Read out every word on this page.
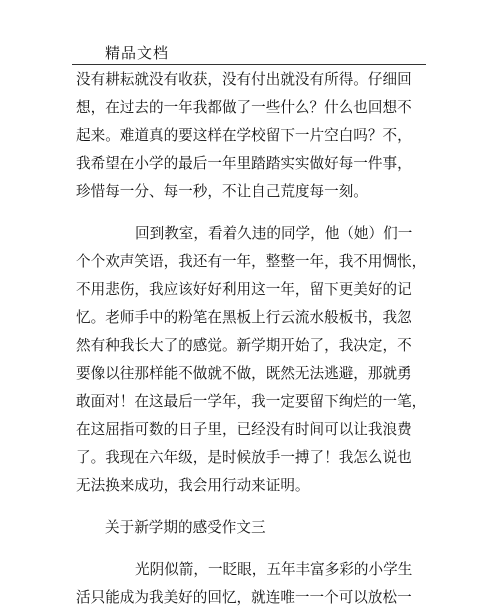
精品文档
没有耕耘就没有收获，没有付出就没有所得。仔细回
想，在过去的一年我都做了一些什么？什么也回想不
起来。难道真的要这样在学校留下一片空白吗？不，
我希望在小学的最后一年里踏踏实实做好每一件事，
珍惜每一分、每一秒，不让自己荒度每一刻。
回到教室，看着久违的同学，他（她）们一
个个欢声笑语，我还有一年，整整一年，我不用惆怅，
不用悲伤，我应该好好利用这一年，留下更美好的记
忆。老师手中的粉笔在黑板上行云流水般板书，我忽
然有种我长大了的感觉。新学期开始了，我决定，不
要像以往那样能不做就不做，既然无法逃避，那就勇
敢面对！在这最后一学年，我一定要留下绚烂的一笔，
在这屈指可数的日子里，已经没有时间可以让我浪费
了。我现在六年级，是时候放手一搏了！我怎么说也
无法换来成功，我会用行动来证明。
关于新学期的感受作文三
光阴似箭，一眨眼，五年丰富多彩的小学生
活只能成为我美好的回忆，就连唯一一个可以放松一
